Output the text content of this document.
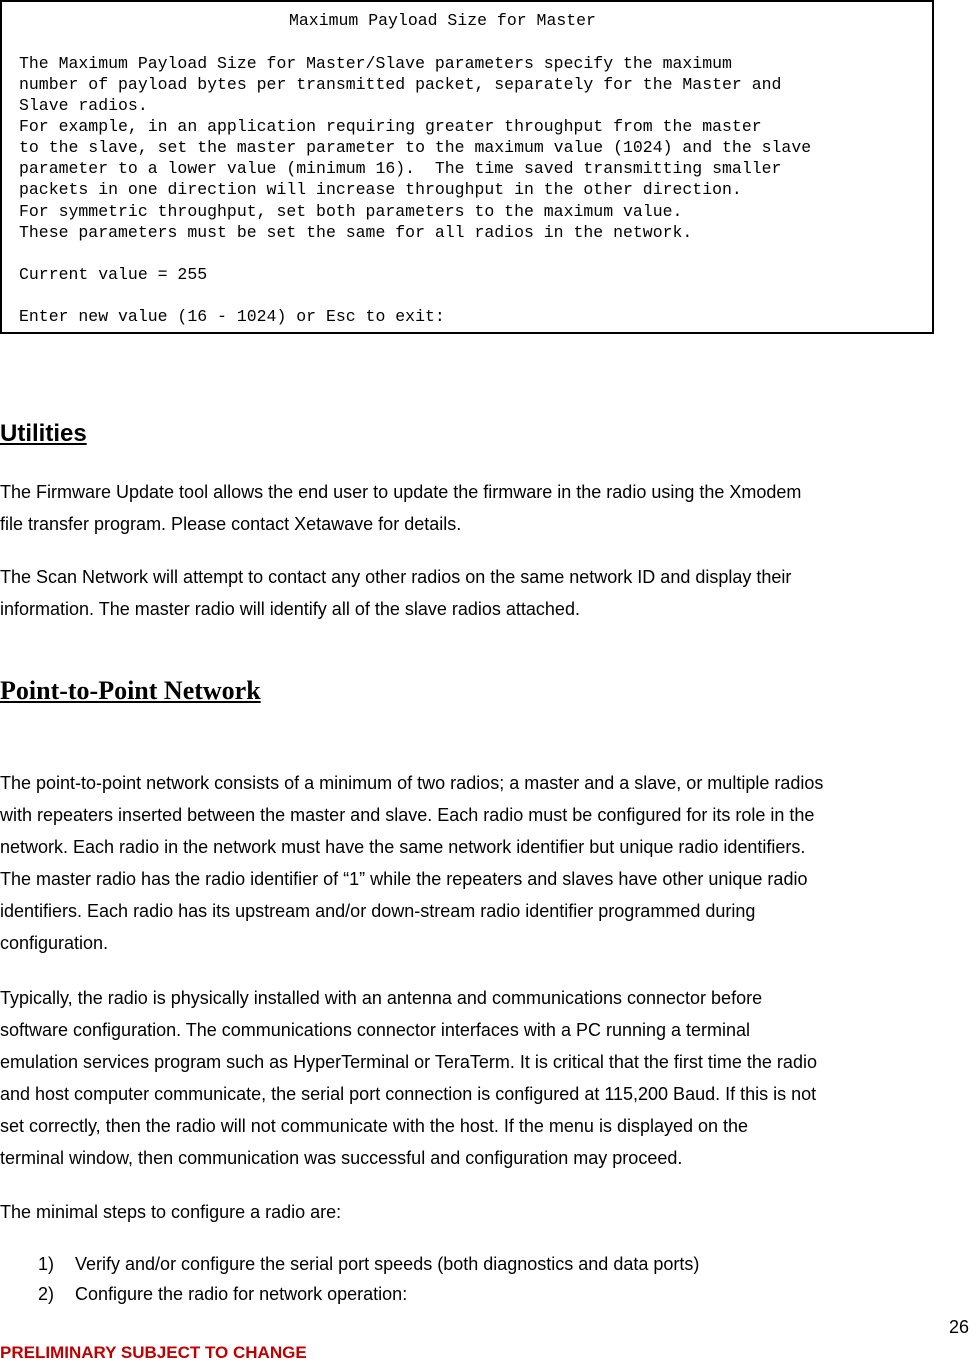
Maximum Payload Size for Master

The Maximum Payload Size for Master/Slave parameters specify the maximum

number of payload bytes per transmitted packet, separately for the Master and

Slave radios.

For example, in an application requiring greater throughput from the master

to the slave, set the master parameter to the maximum value (1024) and the slave

parameter to a lower value (minimum 16).  The time saved transmitting smaller

packets in one direction will increase throughput in the other direction.

For symmetric throughput, set both parameters to the maximum value.

These parameters must be set the same for all radios in the network.

Current value = 255

Enter new value (16 - 1024) or Esc to exit:

Utilities

The Firmware Update tool allows the end user to update the firmware in the radio using the Xmodem
file transfer program. Please contact Xetawave for details.

The Scan Network will attempt to contact any other radios on the same network ID and display their
information. The master radio will identify all of the slave radios attached.

Point-to-Point Network

The point-to-point network consists of a minimum of two radios; a master and a slave, or multiple radios
with repeaters inserted between the master and slave. Each radio must be configured for its role in the
network. Each radio in the network must have the same network identifier but unique radio identifiers.
The master radio has the radio identifier of “1” while the repeaters and slaves have other unique radio
identifiers. Each radio has its upstream and/or down-stream radio identifier programmed during
configuration.

Typically, the radio is physically installed with an antenna and communications connector before
software configuration. The communications connector interfaces with a PC running a terminal
emulation services program such as HyperTerminal or TeraTerm. It is critical that the first time the radio
and host computer communicate, the serial port connection is configured at 115,200 Baud. If this is not
set correctly, then the radio will not communicate with the host. If the menu is displayed on the
terminal window, then communication was successful and configuration may proceed.

The minimal steps to configure a radio are:

1) Verify and/or configure the serial port speeds (both diagnostics and data ports)

2) Configure the radio for network operation:

26

PRELIMINARY SUBJECT TO CHANGE
